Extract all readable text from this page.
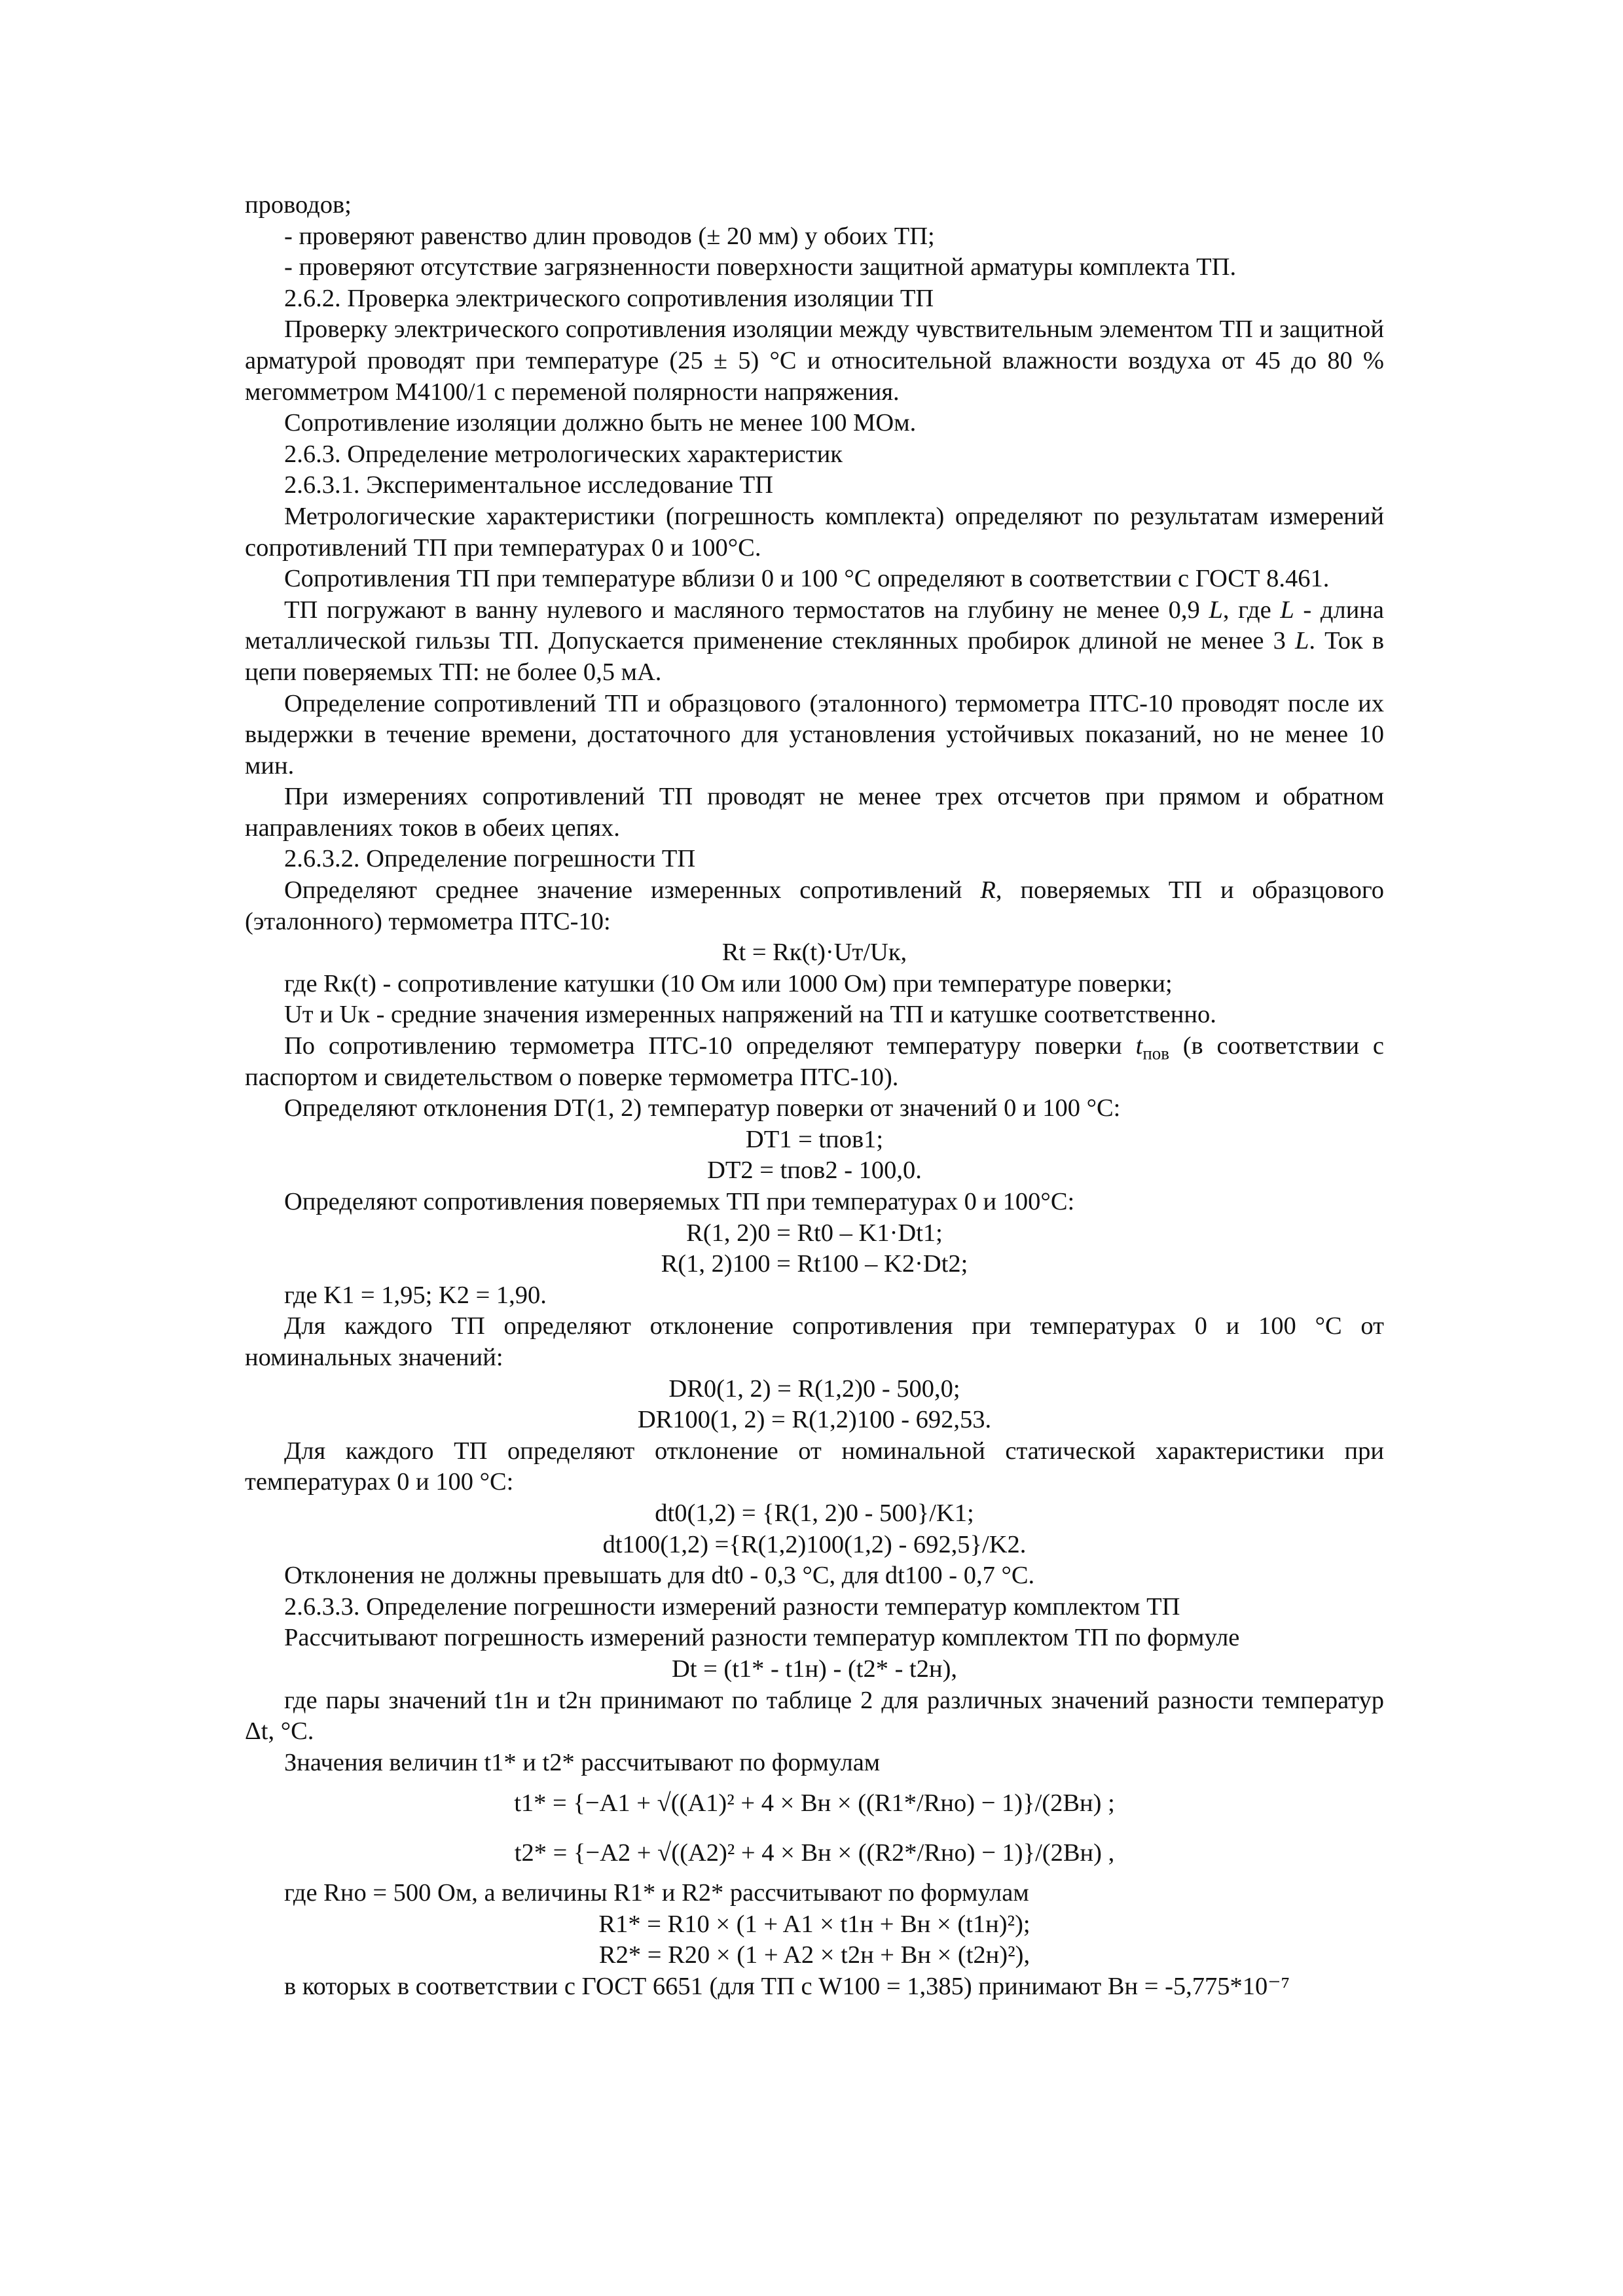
проводов;

- проверяют равенство длин проводов (± 20 мм) у обоих ТП;

- проверяют отсутствие загрязненности поверхности защитной арматуры комплекта ТП.

2.6.2. Проверка электрического сопротивления изоляции ТП

Проверку электрического сопротивления изоляции между чувствительным элементом ТП и защитной арматурой проводят при температуре (25 ± 5) °С и относительной влажности воздуха от 45 до 80 % мегомметром М4100/1 с переменой полярности напряжения.

Сопротивление изоляции должно быть не менее 100 МОм.

2.6.3. Определение метрологических характеристик

2.6.3.1. Экспериментальное исследование ТП

Метрологические характеристики (погрешность комплекта) определяют по результатам измерений сопротивлений ТП при температурах 0 и 100°С.

Сопротивления ТП при температуре вблизи 0 и 100 °С определяют в соответствии с ГОСТ 8.461.

ТП погружают в ванну нулевого и масляного термостатов на глубину не менее 0,9 L, где L - длина металлической гильзы ТП. Допускается применение стеклянных пробирок длиной не менее 3 L. Ток в цепи поверяемых ТП: не более 0,5 мА.

Определение сопротивлений ТП и образцового (эталонного) термометра ПТС-10 проводят после их выдержки в течение времени, достаточного для установления устойчивых показаний, но не менее 10 мин.

При измерениях сопротивлений ТП проводят не менее трех отсчетов при прямом и обратном направлениях токов в обеих цепях.

2.6.3.2. Определение погрешности ТП

Определяют среднее значение измеренных сопротивлений R, поверяемых ТП и образцового (эталонного) термометра ПТС-10:

Rt = Rк(t)·Uт/Uк,

где Rк(t) - сопротивление катушки (10 Ом или 1000 Ом) при температуре поверки;

Uт и Uк - средние значения измеренных напряжений на ТП и катушке соответственно.

По сопротивлению термометра ПТС-10 определяют температуру поверки $t_{пов}$ (в соответствии с паспортом и свидетельством о поверке термометра ПТС-10).

Определяют отклонения DT(1, 2) температур поверки от значений 0 и 100 °С:

DT1 = tпов1;

DT2 = tпов2 - 100,0.

Определяют сопротивления поверяемых ТП при температурах 0 и 100°С:

R(1, 2)0 = Rt0 – K1·Dt1;

R(1, 2)100 = Rt100 – K2·Dt2;

где K1 = 1,95; K2 = 1,90.

Для каждого ТП определяют отклонение сопротивления при температурах 0 и 100 °С от номинальных значений:

DR0(1, 2) = R(1,2)0 - 500,0;

DR100(1, 2) = R(1,2)100 - 692,53.

Для каждого ТП определяют отклонение от номинальной статической характеристики при температурах 0 и 100 °С:

dt0(1,2) = {R(1, 2)0 - 500}/K1;

dt100(1,2) ={R(1,2)100(1,2) - 692,5}/K2.

Отклонения не должны превышать для dt0 - 0,3 °С, для dt100 - 0,7 °С.

2.6.3.3. Определение погрешности измерений разности температур комплектом ТП

Рассчитывают погрешность измерений разности температур комплектом ТП по формуле

Dt = (t1* - t1н) - (t2* - t2н),

где пары значений t1н и t2н принимают по таблице 2 для различных значений разности температур Δt, °С.

Значения величин t1* и t2* рассчитывают по формулам

t1* = {−A1 + √((A1)² + 4 × Вн × ((R1*/Rно) − 1)}/(2Вн) ;

t2* = {−A2 + √((A2)² + 4 × Вн × ((R2*/Rно) − 1)}/(2Вн) ,

где Rно = 500 Ом, а величины R1* и R2* рассчитывают по формулам

R1* = R10 × (1 + A1 × t1н + Вн × (t1н)²);

R2* = R20 × (1 + A2 × t2н + Вн × (t2н)²),

в которых в соответствии с ГОСТ 6651 (для ТП с W100 = 1,385) принимают Вн = -5,775*10⁻⁷
